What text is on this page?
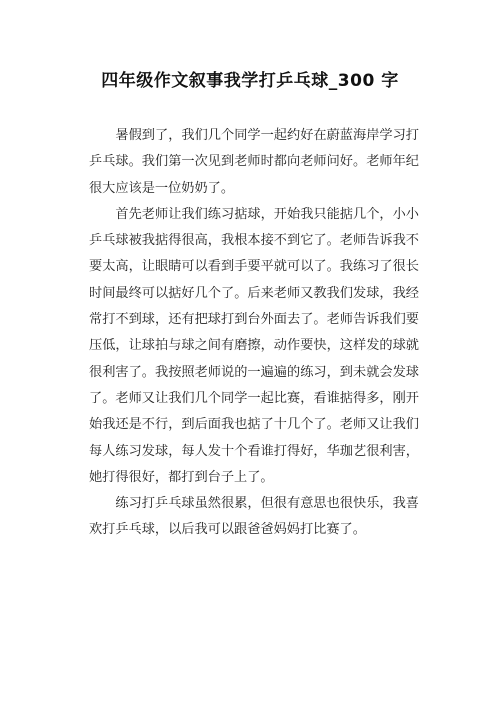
四年级作文叙事我学打乒乓球_300 字

暑假到了，我们几个同学一起约好在蔚蓝海岸学习打乒乓球。我们第一次见到老师时都向老师问好。老师年纪很大应该是一位奶奶了。

首先老师让我们练习掂球，开始我只能掂几个，小小乒乓球被我掂得很高，我根本接不到它了。老师告诉我不要太高，让眼睛可以看到手要平就可以了。我练习了很长时间最终可以掂好几个了。后来老师又教我们发球，我经常打不到球，还有把球打到台外面去了。老师告诉我们要压低，让球拍与球之间有磨擦，动作要快，这样发的球就很利害了。我按照老师说的一遍遍的练习，到未就会发球了。老师又让我们几个同学一起比赛，看谁掂得多，刚开始我还是不行，到后面我也掂了十几个了。老师又让我们每人练习发球，每人发十个看谁打得好，华珈艺很利害，她打得很好，都打到台子上了。

练习打乒乓球虽然很累，但很有意思也很快乐，我喜欢打乒乓球，以后我可以跟爸爸妈妈打比赛了。
